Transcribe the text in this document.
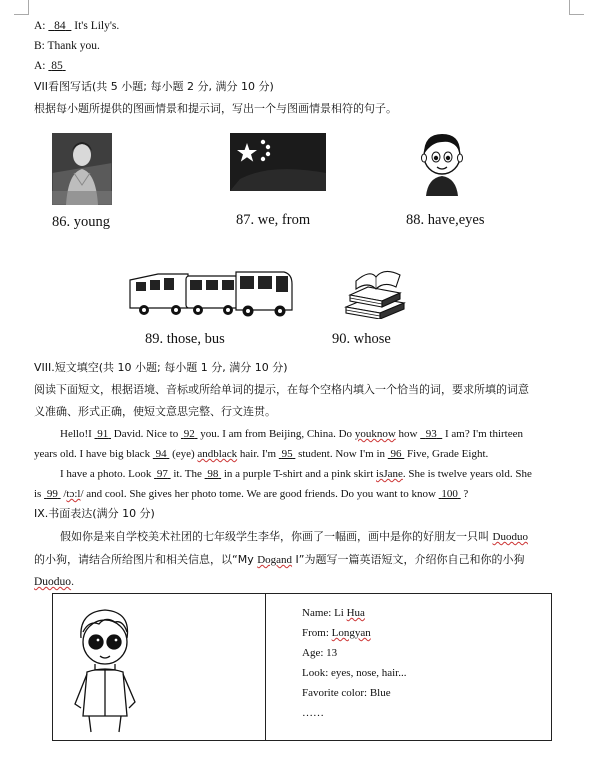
A:   84   It's Lily's.
B: Thank you.
A:  85
VII看图写话(共 5 小题; 每小题 2 分, 满分 10 分)
根据每小题所提供的图画情景和提示词，写出一个与图画情景相符的句子。
86. young	87. we, from	88. have,eyes
89. those, bus	90. whose
VIII.短文填空(共 10 小题; 每小题 1 分, 满分 10 分)
阅读下面短文，根据语境、音标或所给单词的提示，在每个空格内填入一个恰当的词，要求所填的词意
义准确、形式正确，使短文意思完整、行文连贯。
Hello!I  91  David. Nice to  92  you. I am from Beijing, China. Do youknow how   93   I am? I'm thirteen
years old. I have big black  94  (eye) andblack hair. I'm  95  student. Now I'm in  96  Five, Grade Eight.
I have a photo. Look  97  it. The  98  in a purple T-shirt and a pink skirt isJane. She is twelve years old. She
is  99  /tɔ:l/ and cool. She gives her photo tome. We are good friends. Do you want to know  100  ?
IX.书面表达(满分 10 分)
假如你是来自学校美术社团的七年级学生李华，你画了一幅画，画中是你的好朋友一只叫 Duoduo
的小狗，请结合所给图片和相关信息，以“My Dogand I”为题写一篇英语短文，介绍你自己和你的小狗
Duoduo.
Name: Li Hua
From: Longyan
Age: 13
Look: eyes, nose, hair...
Favorite color: Blue
……
